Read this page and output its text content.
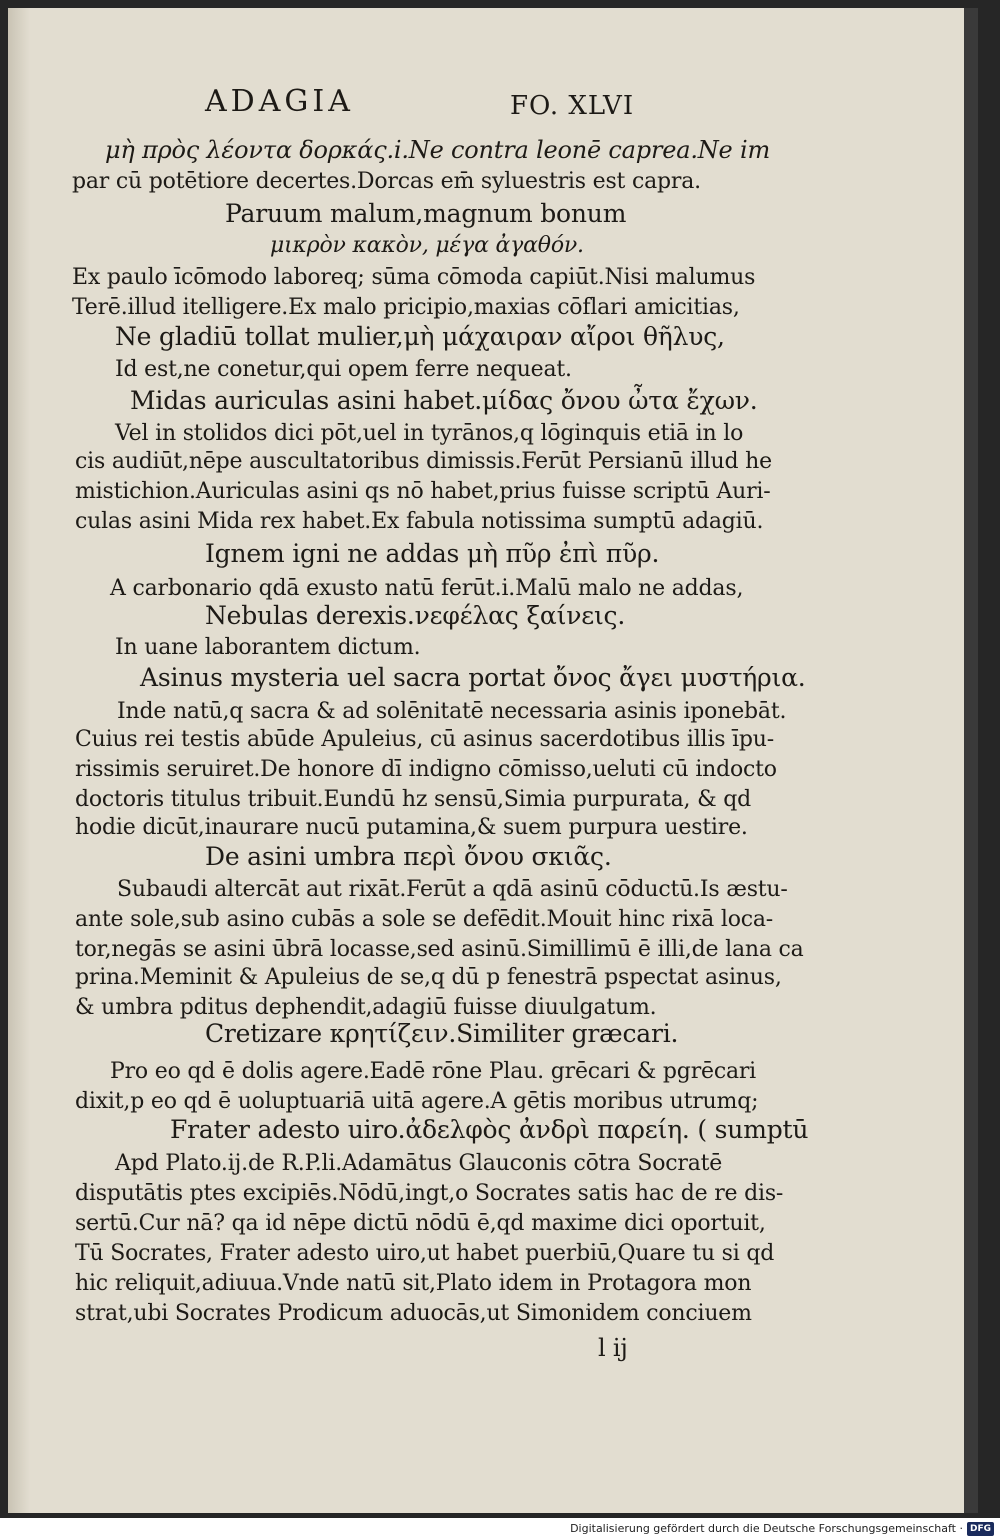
ADAGIA	FO. XLVI
μὴ πρὸς λέοντα δορκάς.i.Ne contra leonē caprea.Ne im
par cū potētiore decertes.Dorcas em̄ syluestris est capra.
Paruum malum,magnum bonum
μικρὸν κακὸν, μέγα ἀγαθόν.
Ex paulo īcōmodo laboreq; sūma cōmoda capiūt.Nisi malumus
Terē.illud itelligere.Ex malo pricipio,maxias cōflari amicitias,
Ne gladiū tollat mulier,μὴ μάχαιραν αἴροι θῆλυς,
Id est,ne conetur,qui opem ferre nequeat.
Midas auriculas asini habet.μίδας ὄνου ὦτα ἔχων.
Vel in stolidos dici pōt,uel in tyrānos,q lōginquis etiā in lo
cis audiūt,nēpe auscultatoribus dimissis.Ferūt Persianū illud he
mistichion.Auriculas asini qs nō habet,prius fuisse scriptū Auri-
culas asini Mida rex habet.Ex fabula notissima sumptū adagiū.
Ignem igni ne addas μὴ πῦρ ἐπὶ πῦρ.
A carbonario qdā exusto natū ferūt.i.Malū malo ne addas,
Nebulas derexis.νεφέλας ξαίνεις.
In uane laborantem dictum.
Asinus mysteria uel sacra portat ὄνος ἄγει μυστήρια.
Inde natū,q sacra & ad solēnitatē necessaria asinis iponebāt.
Cuius rei testis abūde Apuleius, cū asinus sacerdotibus illis īpu-
rissimis seruiret.De honore dī indigno cōmisso,ueluti cū indocto
doctoris titulus tribuit.Eundū hz sensū,Simia purpurata, & qd
hodie dicūt,inaurare nucū putamina,& suem purpura uestire.
De asini umbra περὶ ὄνου σκιᾶς.
Subaudi altercāt aut rixāt.Ferūt a qdā asinū cōductū.Is æstu-
ante sole,sub asino cubās a sole se defēdit.Mouit hinc rixā loca-
tor,negās se asini ūbrā locasse,sed asinū.Simillimū ē illi,de lana ca
prina.Meminit & Apuleius de se,q dū p fenestrā pspectat asinus,
& umbra pditus dephendit,adagiū fuisse diuulgatum.
Cretizare κρητίζειν.Similiter græcari.
Pro eo qd ē dolis agere.Eadē rōne Plau. grēcari & pgrēcari
dixit,p eo qd ē uoluptuariā uitā agere.A gētis moribus utrumq;
Frater adesto uiro.ἀδελφὸς ἀνδρὶ παρείη. ( sumptū
Apd Plato.ij.de R.P.li.Adamātus Glauconis cōtra Socratē
disputātis ptes excipiēs.Nōdū,ingt,o Socrates satis hac de re dis-
sertū.Cur nā? qa id nēpe dictū nōdū ē,qd maxime dici oportuit,
Tū Socrates, Frater adesto uiro,ut habet puerbiū,Quare tu si qd
hic reliquit,adiuua.Vnde natū sit,Plato idem in Protagora mon
strat,ubi Socrates Prodicum aduocās,ut Simonidem conciuem
l ij
Digitalisierung gefördert durch die Deutsche Forschungsgemeinschaft · DFG
